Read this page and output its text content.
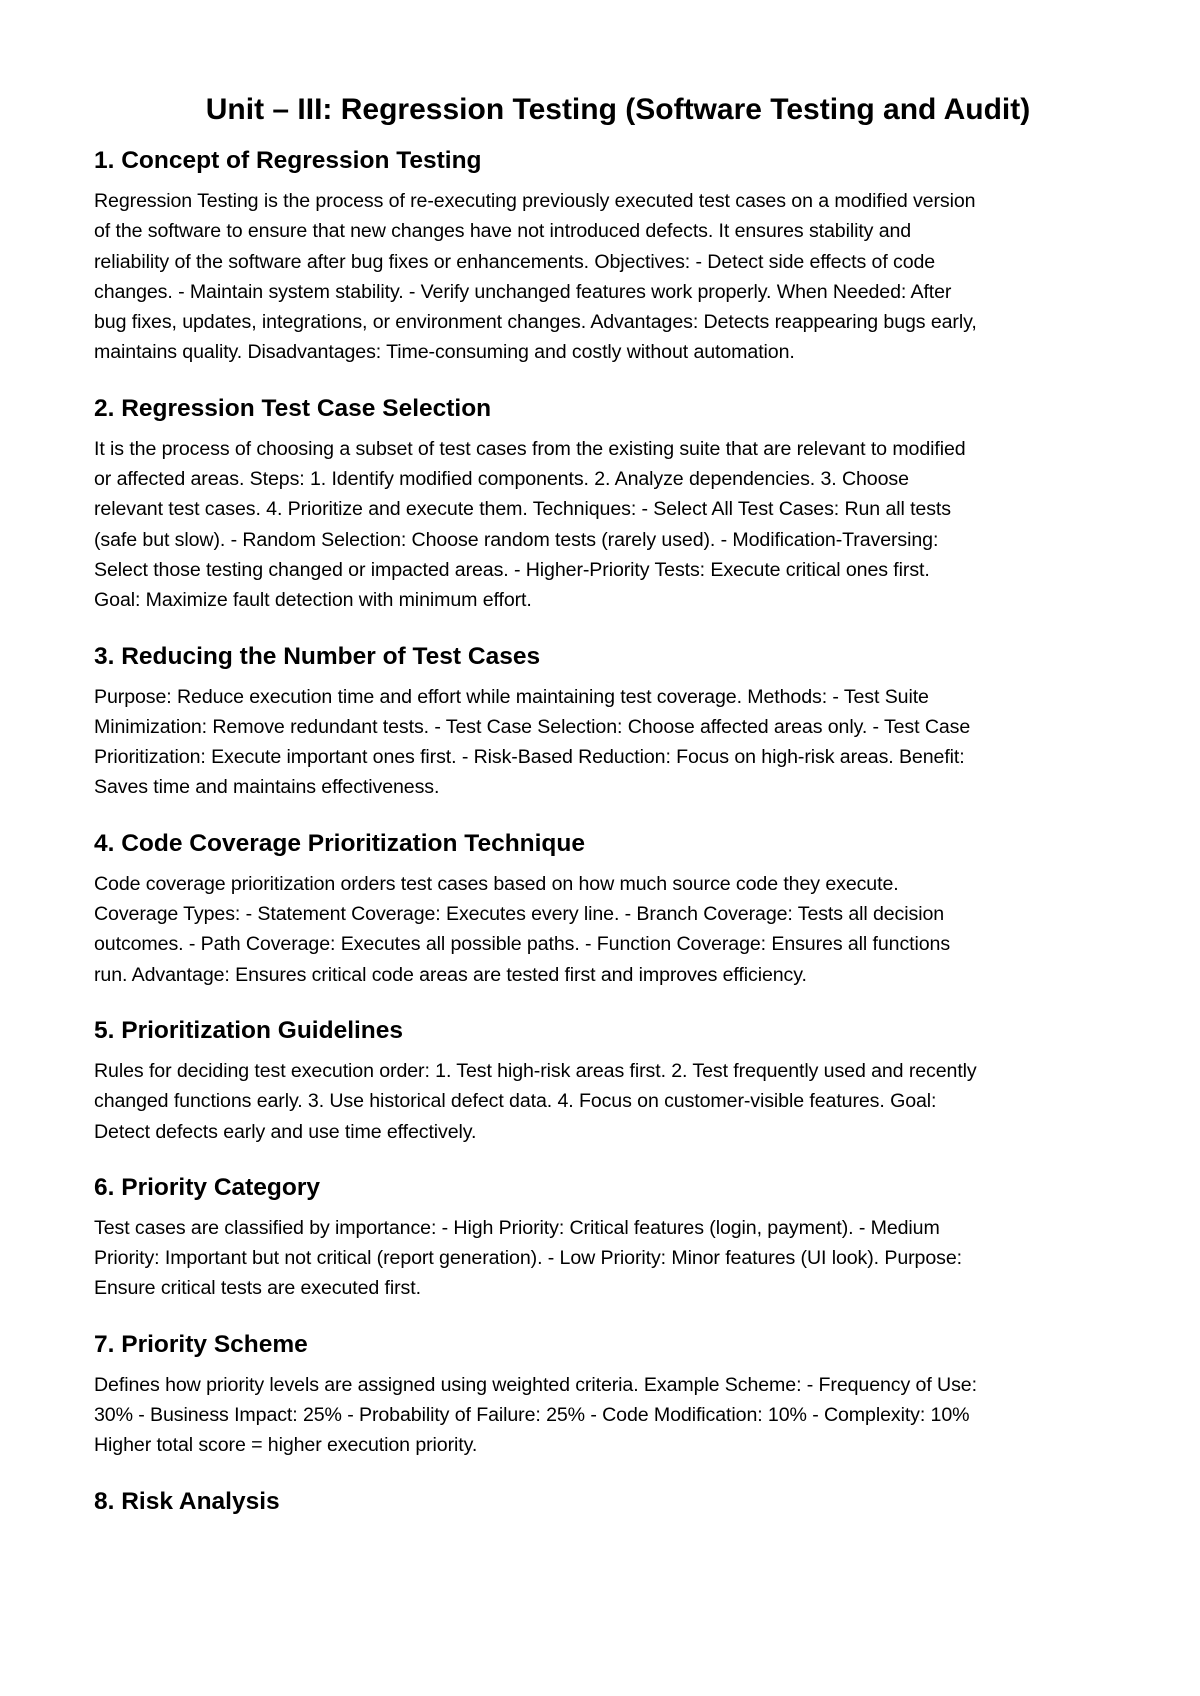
Unit – III: Regression Testing (Software Testing and Audit)
1. Concept of Regression Testing

Regression Testing is the process of re-executing previously executed test cases on a modified version
of the software to ensure that new changes have not introduced defects. It ensures stability and
reliability of the software after bug fixes or enhancements. Objectives: - Detect side effects of code
changes. - Maintain system stability. - Verify unchanged features work properly. When Needed: After
bug fixes, updates, integrations, or environment changes. Advantages: Detects reappearing bugs early,
maintains quality. Disadvantages: Time-consuming and costly without automation.

2. Regression Test Case Selection

It is the process of choosing a subset of test cases from the existing suite that are relevant to modified
or affected areas. Steps: 1. Identify modified components. 2. Analyze dependencies. 3. Choose
relevant test cases. 4. Prioritize and execute them. Techniques: - Select All Test Cases: Run all tests
(safe but slow). - Random Selection: Choose random tests (rarely used). - Modification-Traversing:
Select those testing changed or impacted areas. - Higher-Priority Tests: Execute critical ones first.
Goal: Maximize fault detection with minimum effort.

3. Reducing the Number of Test Cases

Purpose: Reduce execution time and effort while maintaining test coverage. Methods: - Test Suite
Minimization: Remove redundant tests. - Test Case Selection: Choose affected areas only. - Test Case
Prioritization: Execute important ones first. - Risk-Based Reduction: Focus on high-risk areas. Benefit:
Saves time and maintains effectiveness.

4. Code Coverage Prioritization Technique

Code coverage prioritization orders test cases based on how much source code they execute.
Coverage Types: - Statement Coverage: Executes every line. - Branch Coverage: Tests all decision
outcomes. - Path Coverage: Executes all possible paths. - Function Coverage: Ensures all functions
run. Advantage: Ensures critical code areas are tested first and improves efficiency.

5. Prioritization Guidelines

Rules for deciding test execution order: 1. Test high-risk areas first. 2. Test frequently used and recently
changed functions early. 3. Use historical defect data. 4. Focus on customer-visible features. Goal:
Detect defects early and use time effectively.

6. Priority Category

Test cases are classified by importance: - High Priority: Critical features (login, payment). - Medium
Priority: Important but not critical (report generation). - Low Priority: Minor features (UI look). Purpose:
Ensure critical tests are executed first.

7. Priority Scheme

Defines how priority levels are assigned using weighted criteria. Example Scheme: - Frequency of Use:
30% - Business Impact: 25% - Probability of Failure: 25% - Code Modification: 10% - Complexity: 10%
Higher total score = higher execution priority.

8. Risk Analysis
